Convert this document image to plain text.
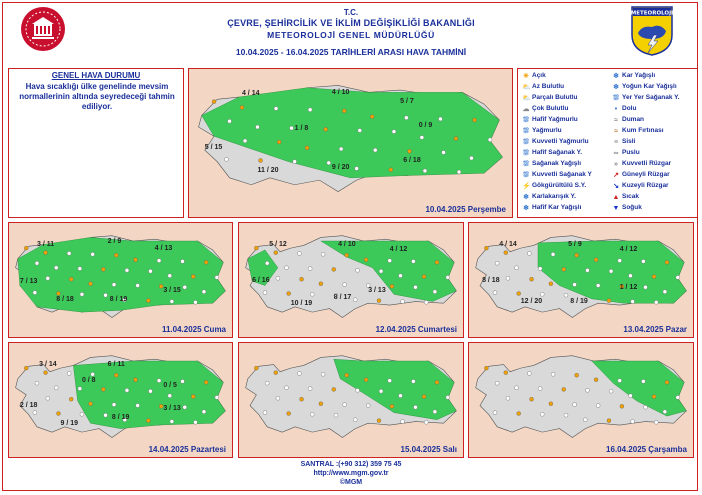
METEOROLOJI
T.C.
ÇEVRE, ŞEHİRCİLİK VE İKLİM DEĞİŞİKLİĞİ BAKANLIĞI
METEOROLOJİ GENEL MÜDÜRLÜĞÜ
10.04.2025 - 16.04.2025 TARİHLERİ ARASI HAVA TAHMİNİ
GENEL HAVA DURUMU
Hava sıcaklığı ülke genelinde mevsim normallerinin altında seyredeceği tahmin ediliyor.
4 / 14	4 / 10
5 / 7
1 / 8	0 / 9
5 / 15
6 / 18
11 / 20	9 / 20
10.04.2025 Perşembe
3 / 11	2 / 9
4 / 13
7 / 13
3 / 15
8 / 18	8 / 19
11.04.2025 Cuma
5 / 12	4 / 10
4 / 12
6 / 16
3 / 13
10 / 19
8 / 17
12.04.2025 Cumartesi
4 / 14	5 / 9
4 / 12
8 / 18
1 / 12
12 / 20	8 / 19
13.04.2025 Pazar
3 / 14	6 / 11
0 / 8
0 / 5
2 / 18
3 / 13
9 / 19
8 / 19
14.04.2025 Pazartesi	15.04.2025 Salı	16.04.2025 Çarşamba
☀ Açık
⛅Az Bulutlu
⛅Parçalı Bulutlu
☁ Çok Bulutlu
⛆ Hafif Yağmurlu
⛆ Yağmurlu
⛆ Kuvvetli Yağmurlu
⛆ Hafif Sağanak Y.
⛆ Sağanak Yağışlı
⛆ Kuvvetli Sağanak Y
⚡Gökgürültülü S.Y.
❄ Karlakarışık Y.
❄ Hafif Kar Yağışlı
❄ Kar Yağışlı
❄ Yoğun Kar Yağışlı
⛆ Yer Yer Sağanak Y.
• Dolu
≈ Duman
≈ Kum Fırtınası
≡ Sisli
∞ Puslu
» Kuvvetli Rüzgar
↗ Güneyli Rüzgar
↘ Kuzeyli Rüzgar
▲ Sıcak
▼ Soğuk
SANTRAL :(+90 312) 359 75 45
http://www.mgm.gov.tr
©MGM
